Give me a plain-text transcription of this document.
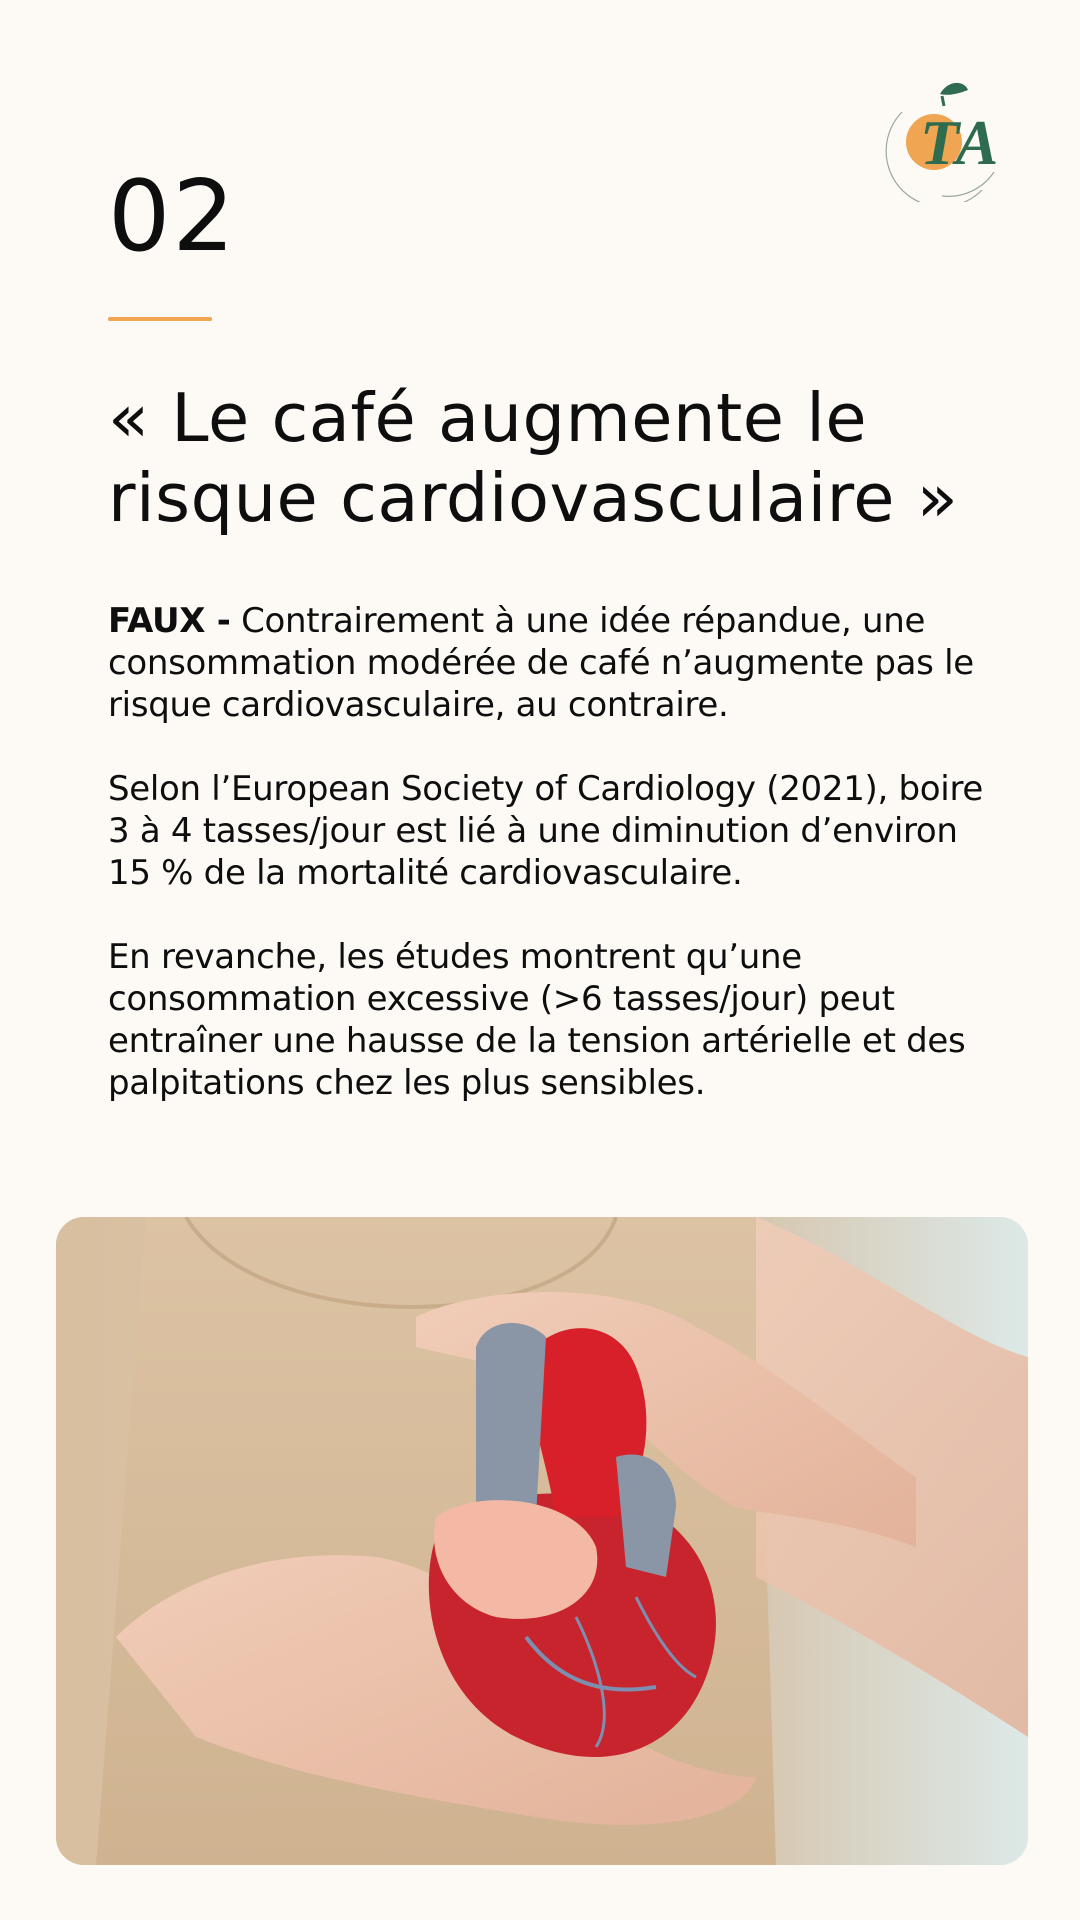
TA
02
« Le café augmente le risque cardiovasculaire »

FAUX - Contrairement à une idée répandue, une consommation modérée de café n’augmente pas le risque cardiovasculaire, au contraire.

Selon l’European Society of Cardiology (2021), boire 3 à 4 tasses/jour est lié à une diminution d’environ 15 % de la mortalité cardiovasculaire.

En revanche, les études montrent qu’une consommation excessive (>6 tasses/jour) peut entraîner une hausse de la tension artérielle et des palpitations chez les plus sensibles.
